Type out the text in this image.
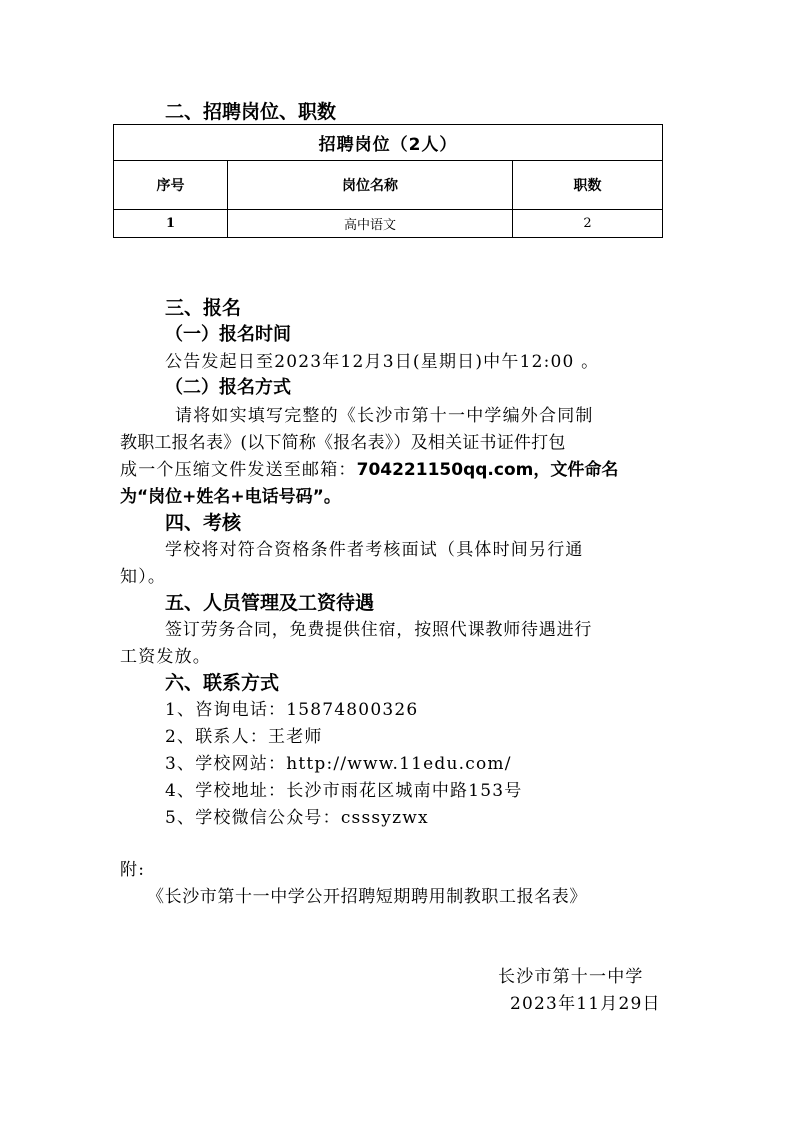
二、招聘岗位、职数
招聘岗位（2人）		
序号	岗位名称	职数
1	高中语文	2
三、报名
（一）报名时间
公告发起日至2023年12月3日(星期日)中午12:00 。
（二）报名方式
请将如实填写完整的《长沙市第十一中学编外合同制
教职工报名表》(以下简称《报名表》）及相关证书证件打包
成一个压缩文件发送至邮箱：704221150qq.com，文件命名
为“岗位+姓名+电话号码”。
四、考核
学校将对符合资格条件者考核面试（具体时间另行通
知）。
五、人员管理及工资待遇
签订劳务合同，免费提供住宿，按照代课教师待遇进行
工资发放。
六、联系方式
1、咨询电话：15874800326
2、联系人：王老师
3、学校网站：http://www.11edu.com/
4、学校地址：长沙市雨花区城南中路153号
5、学校微信公众号：csssyzwx
附:
《长沙市第十一中学公开招聘短期聘用制教职工报名表》
长沙市第十一中学
2023年11月29日
